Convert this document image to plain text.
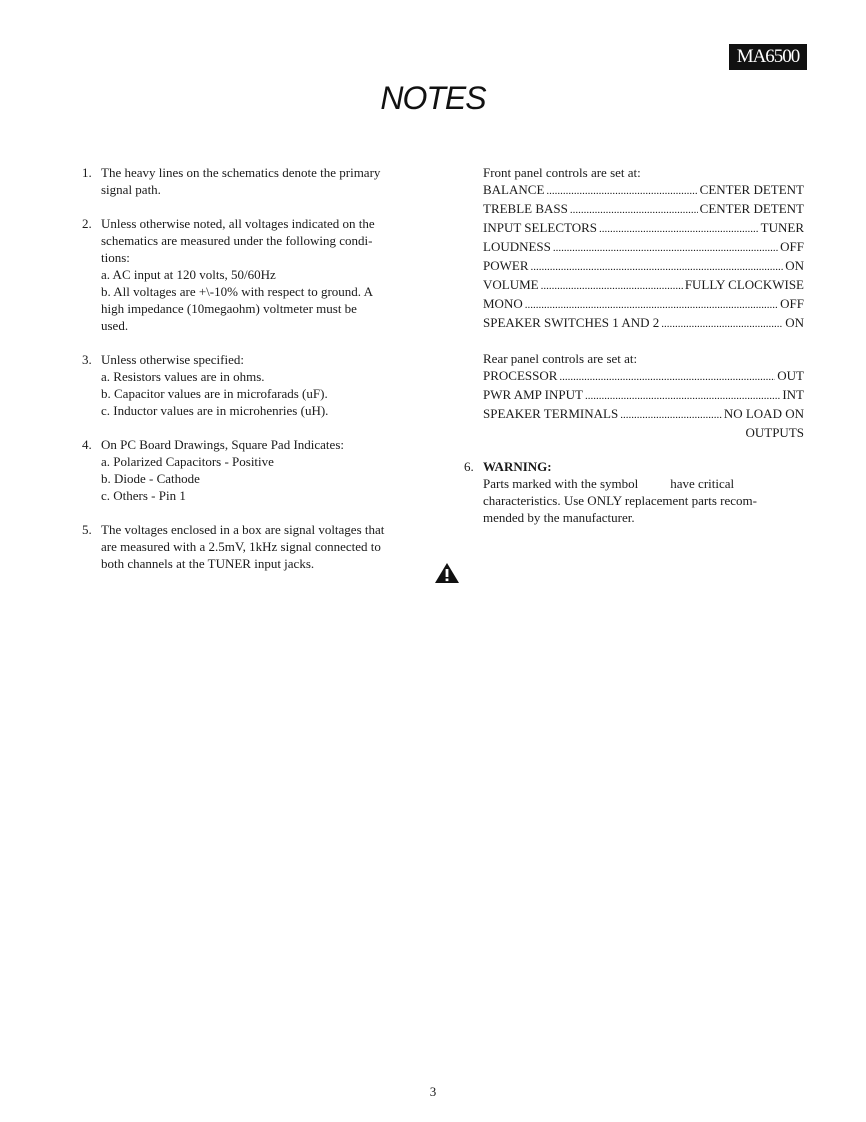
MA6500
NOTES
1. The heavy lines on the schematics denote the primary
signal path.
2. Unless otherwise noted, all voltages indicated on the
schematics are measured under the following condi-
tions:
a. AC input at 120 volts, 50/60Hz
b. All voltages are +\-10% with respect to ground. A
high impedance (10megaohm) voltmeter must be
used.
3. Unless otherwise specified:
a. Resistors values are in ohms.
b. Capacitor values are in microfarads (uF).
c. Inductor values are in microhenries (uH).
4. On PC Board Drawings, Square Pad Indicates:
a. Polarized Capacitors - Positive
b. Diode - Cathode
c. Others - Pin 1
5. The voltages enclosed in a box are signal voltages that
are measured with a 2.5mV, 1kHz signal connected to
both channels at the TUNER input jacks.
Front panel controls are set at:
BALANCE .....	CENTER DETENT
TREBLE BASS .....	CENTER DETENT
INPUT SELECTORS .....	TUNER
LOUDNESS .....	OFF
POWER .....	ON
VOLUME .....	FULLY CLOCKWISE
MONO .....	OFF
SPEAKER SWITCHES 1 AND 2 .....	ON
Rear panel controls are set at:
PROCESSOR .....	OUT
PWR AMP INPUT .....	INT
SPEAKER TERMINALS .....	NO LOAD ON
OUTPUTS
6. WARNING:
Parts marked with the symbol have critical
characteristics. Use ONLY replacement parts recom-
mended by the manufacturer.
3
